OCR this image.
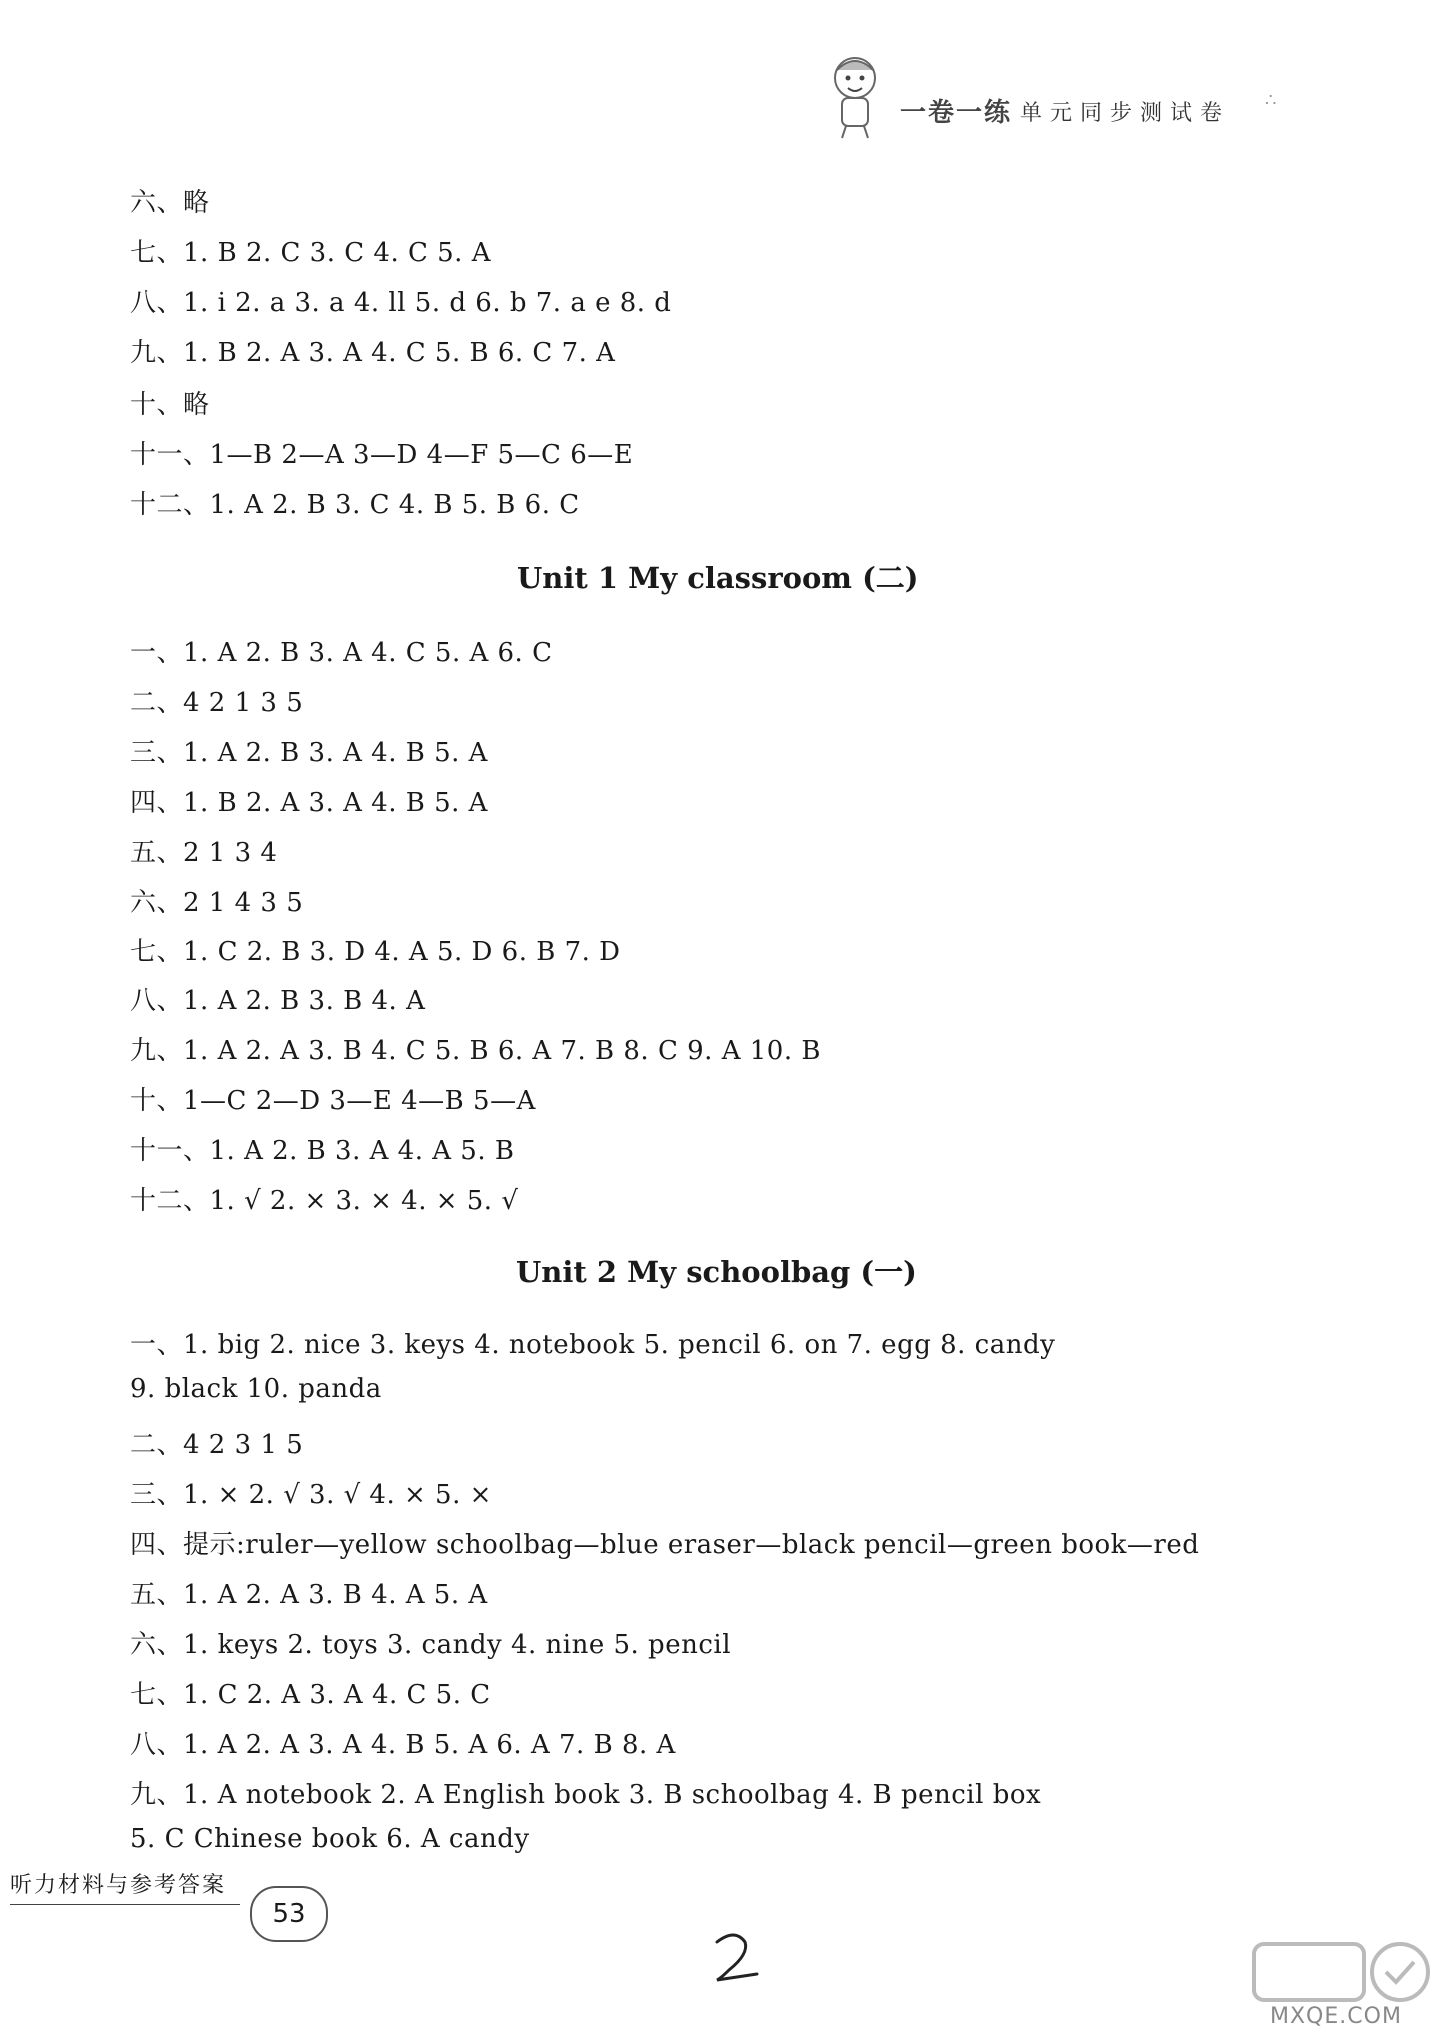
一卷一练 单元同步测试卷
∴
六、略
七、1. B 2. C 3. C 4. C 5. A
八、1. i 2. a 3. a 4. ll 5. d 6. b 7. a e 8. d
九、1. B 2. A 3. A 4. C 5. B 6. C 7. A
十、略
十一、1—B 2—A 3—D 4—F 5—C 6—E
十二、1. A 2. B 3. C 4. B 5. B 6. C
Unit 1 My classroom (二)
一、1. A 2. B 3. A 4. C 5. A 6. C
二、4 2 1 3 5
三、1. A 2. B 3. A 4. B 5. A
四、1. B 2. A 3. A 4. B 5. A
五、2 1 3 4
六、2 1 4 3 5
七、1. C 2. B 3. D 4. A 5. D 6. B 7. D
八、1. A 2. B 3. B 4. A
九、1. A 2. A 3. B 4. C 5. B 6. A 7. B 8. C 9. A 10. B
十、1—C 2—D 3—E 4—B 5—A
十一、1. A 2. B 3. A 4. A 5. B
十二、1. √ 2. × 3. × 4. × 5. √
Unit 2 My schoolbag (一)
一、1. big 2. nice 3. keys 4. notebook 5. pencil 6. on 7. egg 8. candy
9. black 10. panda
二、4 2 3 1 5
三、1. × 2. √ 3. √ 4. × 5. ×
四、提示:ruler—yellow schoolbag—blue eraser—black pencil—green book—red
五、1. A 2. A 3. B 4. A 5. A
六、1. keys 2. toys 3. candy 4. nine 5. pencil
七、1. C 2. A 3. A 4. C 5. C
八、1. A 2. A 3. A 4. B 5. A 6. A 7. B 8. A
九、1. A notebook 2. A English book 3. B schoolbag 4. B pencil box
5. C Chinese book 6. A candy
听力材料与参考答案
53
MXQE.COM
